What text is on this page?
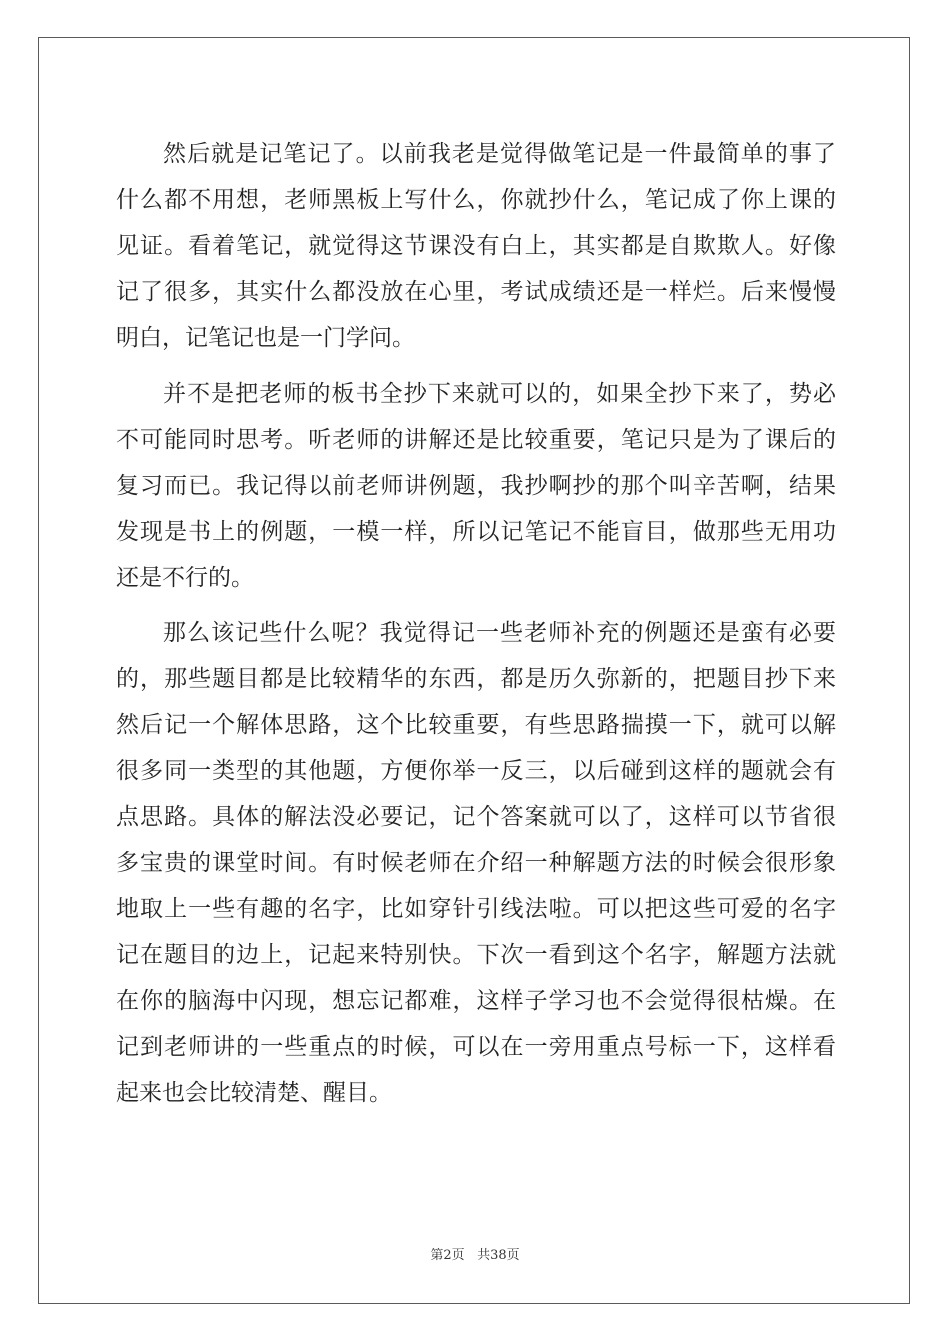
然后就是记笔记了。以前我老是觉得做笔记是一件最简单的事了
什么都不用想，老师黑板上写什么，你就抄什么，笔记成了你上课的
见证。看着笔记，就觉得这节课没有白上，其实都是自欺欺人。好像
记了很多，其实什么都没放在心里，考试成绩还是一样烂。后来慢慢
明白，记笔记也是一门学问。
并不是把老师的板书全抄下来就可以的，如果全抄下来了，势必
不可能同时思考。听老师的讲解还是比较重要，笔记只是为了课后的
复习而已。我记得以前老师讲例题，我抄啊抄的那个叫辛苦啊，结果
发现是书上的例题，一模一样，所以记笔记不能盲目，做那些无用功
还是不行的。
那么该记些什么呢？我觉得记一些老师补充的例题还是蛮有必要
的，那些题目都是比较精华的东西，都是历久弥新的，把题目抄下来
然后记一个解体思路，这个比较重要，有些思路揣摸一下，就可以解
很多同一类型的其他题，方便你举一反三，以后碰到这样的题就会有
点思路。具体的解法没必要记，记个答案就可以了，这样可以节省很
多宝贵的课堂时间。有时候老师在介绍一种解题方法的时候会很形象
地取上一些有趣的名字，比如穿针引线法啦。可以把这些可爱的名字
记在题目的边上，记起来特别快。下次一看到这个名字，解题方法就
在你的脑海中闪现，想忘记都难，这样子学习也不会觉得很枯燥。在
记到老师讲的一些重点的时候，可以在一旁用重点号标一下，这样看
起来也会比较清楚、醒目。
第2页 共38页
